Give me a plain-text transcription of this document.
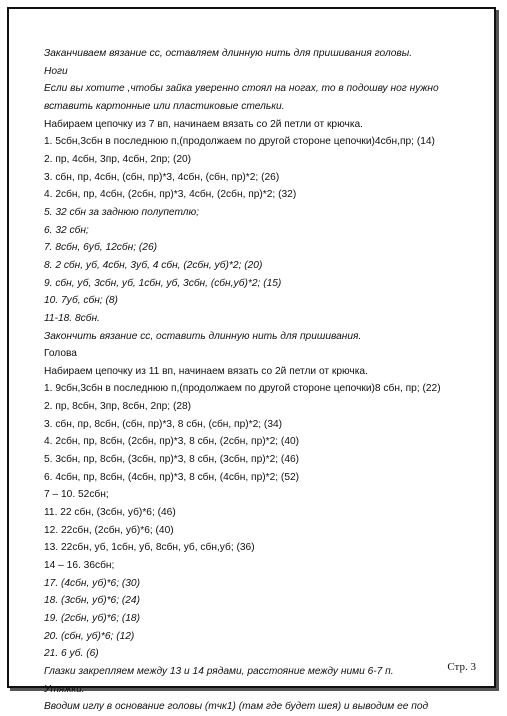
Заканчиваем вязание сс, оставляем длинную нить для пришивания головы.
Ноги
Если вы хотите ,чтобы зайка уверенно стоял на ногах, то в подошву ног нужно
вставить картонные или пластиковые стельки.
Набираем цепочку из 7 вп, начинаем вязать со 2й петли от крючка.
1. 5сбн,3сбн в последнюю п,(продолжаем по другой стороне цепочки)4сбн,пр; (14)
2. пр, 4сбн, 3пр, 4сбн, 2пр; (20)
3. сбн, пр, 4сбн, (сбн, пр)*3, 4сбн, (сбн, пр)*2; (26)
4. 2сбн, пр, 4сбн, (2сбн, пр)*3, 4сбн, (2сбн, пр)*2; (32)
5. 32 сбн за заднюю полупетлю;
6. 32 сбн;
7. 8сбн, 6уб, 12сбн; (26)
8. 2 сбн, уб, 4сбн, 3уб, 4 сбн, (2сбн, уб)*2; (20)
9. сбн, уб, 3сбн, уб, 1сбн, уб, 3сбн, (сбн,уб)*2; (15)
10. 7уб, сбн; (8)
11-18. 8сбн.
Закончить вязание сс, оставить длинную нить для пришивания.
Голова
Набираем цепочку из 11 вп, начинаем вязать со 2й петли от крючка.
1. 9сбн,3сбн в последнюю п,(продолжаем по другой стороне цепочки)8 сбн, пр; (22)
2. пр, 8сбн, 3пр, 8сбн, 2пр; (28)
3. сбн, пр, 8сбн, (сбн, пр)*3, 8 сбн, (сбн, пр)*2; (34)
4. 2сбн, пр, 8сбн, (2сбн, пр)*3, 8 сбн, (2сбн, пр)*2; (40)
5. 3сбн, пр, 8сбн, (3сбн, пр)*3, 8 сбн, (3сбн, пр)*2; (46)
6. 4сбн, пр, 8сбн, (4сбн, пр)*3, 8 сбн, (4сбн, пр)*2; (52)
7 – 10. 52сбн;
11. 22 сбн, (3сбн, уб)*6; (46)
12. 22сбн, (2сбн, уб)*6; (40)
13. 22сбн, уб, 1сбн, уб, 8сбн, уб, сбн,уб; (36)
14 – 16. 36сбн;
17. (4сбн, уб)*6; (30)
18. (3сбн, уб)*6; (24)
19. (2сбн, уб)*6; (18)
20. (сбн, уб)*6; (12)
21. 6 уб. (6)
Глазки закрепляем между 13 и 14 рядами, расстояние между ними 6-7 п.
Утяжки:
Вводим иглу в основание головы (тчк1) (там где будет шея) и выводим ее под
Стр. 3
